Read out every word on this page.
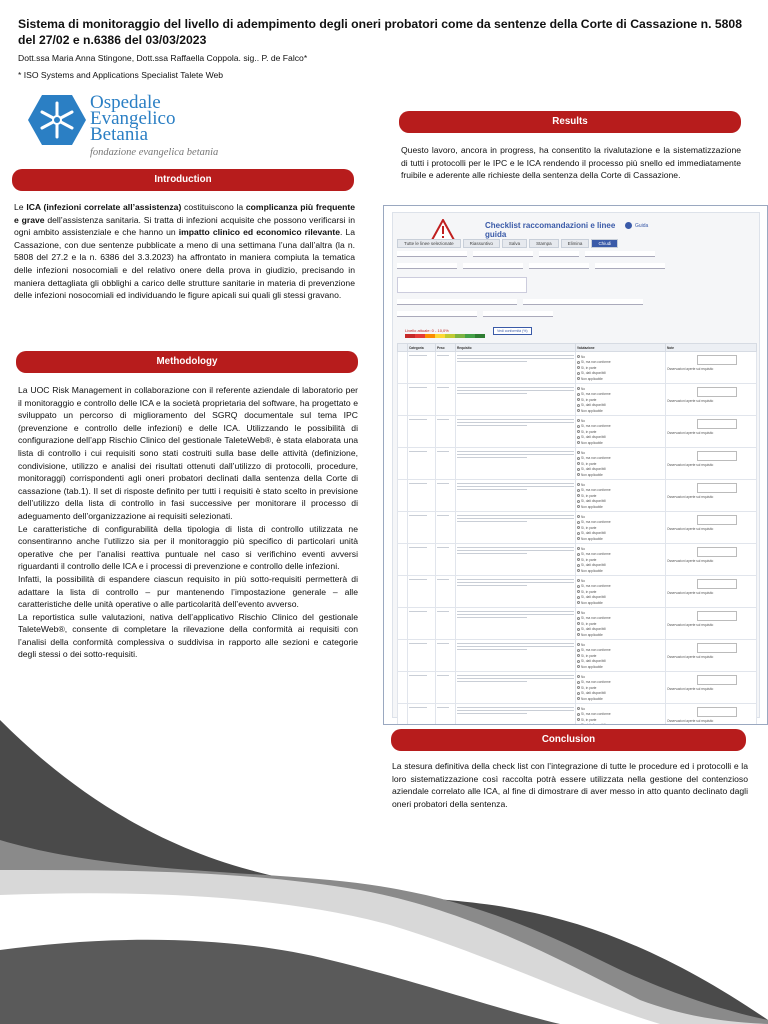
Sistema di monitoraggio del livello di adempimento degli oneri probatori come da sentenze della Corte di Cassazione n. 5808 del 27/02 e n.6386 del 03/03/2023
Dott.ssa Maria Anna Stingone, Dott.ssa Raffaella Coppola. sig.. P. de Falco*
* ISO Systems and Applications Specialist Talete Web
Ospedale
Evangelico
Betania
fondazione evangelica betania
Introduction

Le ICA (infezioni correlate all’assistenza) costituiscono la complicanza più frequente e grave dell’assistenza sanitaria. Si tratta di infezioni acquisite che possono verificarsi in ogni ambito assistenziale e che hanno un impatto clinico ed economico rilevante. La Cassazione, con due sentenze pubblicate a meno di una settimana l’una dall’altra (la n. 5808 del 27.2 e la n. 6386 del 3.3.2023) ha affrontato in maniera compiuta la tematica delle infezioni nosocomiali e del relativo onere della prova in giudizio, precisando in maniera dettagliata gli obblighi a carico delle strutture sanitarie in materia di prevenzione delle infezioni nosocomiali ed individuando le figure apicali sui quali gli stessi gravano.

Methodology

La UOC Risk Management in collaborazione con il referente aziendale di laboratorio per il monitoraggio e controllo delle ICA e la società proprietaria del software, ha progettato e sviluppato un percorso di miglioramento del SGRQ documentale sul tema IPC (prevenzione e controllo delle infezioni) e delle ICA. Utilizzando le possibilità di configurazione dell’app Rischio Clinico del gestionale TaleteWeb®, è stata elaborata una lista di controllo i cui requisiti sono stati costruiti sulla base delle attività (definizione, condivisione, utilizzo e analisi dei risultati ottenuti dall’utilizzo di protocolli, procedure, monitoraggi) corrispondenti agli oneri probatori declinati dalla sentenza della Corte di cassazione (tab.1). Il set di risposte definito per tutti i requisiti è stato scelto in previsione dell’utilizzo della lista di controllo in fasi successive per monitorare il processo di adeguamento dell’organizzazione ai requisiti selezionati.

Le caratteristiche di configurabilità della tipologia di lista di controllo utilizzata ne consentiranno anche l’utilizzo sia per il monitoraggio più specifico di particolari unità operative che per l’analisi reattiva puntuale nel caso si verifichino eventi avversi riguardanti il controllo delle ICA e i processi di prevenzione e controllo delle infezioni.

Infatti, la possibilità di espandere ciascun requisito in più sotto-requisiti permetterà di adattare la lista di controllo – pur mantenendo l’impostazione generale – alle caratteristiche delle unità operative o alle particolarità dell’evento avverso.

La reportistica sulle valutazioni, nativa dell’applicativo Rischio Clinico del gestionale TaleteWeb®, consente di completare la rilevazione della conformità ai requisiti con l’analisi della conformità complessiva o suddivisa in rapporto alle sezioni e categorie degli stessi o dei sotto-requisiti.

Results
Questo lavoro, ancora in progress, ha consentito la rivalutazione e la sistematizzazione di tutti i protocolli per le IPC e le ICA rendendo il processo più snello ed immediatamente fruibile e aderente alle richieste della sentenza della Corte di Cassazione.
Checklist raccomandazioni e linee
guida
Guida
Tutte le linee selezionate	Riassuntivo	Salva	Stampa	Elimina	Chiudi
Livello attuale: 0 - 10,0%	Vedi conformità (%)
	Categoria	Peso	Requisito	Valutazione	Note

				No
Sì, ma non conforme
Sì, in parte
Sì, dati disponibili
Non applicabile	Osservazioni aperte sul requisito

				No
Sì, ma non conforme
Sì, in parte
Sì, dati disponibili
Non applicabile	Osservazioni aperte sul requisito

				No
Sì, ma non conforme
Sì, in parte
Sì, dati disponibili
Non applicabile	Osservazioni aperte sul requisito

				No
Sì, ma non conforme
Sì, in parte
Sì, dati disponibili
Non applicabile	Osservazioni aperte sul requisito

				No
Sì, ma non conforme
Sì, in parte
Sì, dati disponibili
Non applicabile	Osservazioni aperte sul requisito

				No
Sì, ma non conforme
Sì, in parte
Sì, dati disponibili
Non applicabile	Osservazioni aperte sul requisito

				No
Sì, ma non conforme
Sì, in parte
Sì, dati disponibili
Non applicabile	Osservazioni aperte sul requisito

				No
Sì, ma non conforme
Sì, in parte
Sì, dati disponibili
Non applicabile	Osservazioni aperte sul requisito

				No
Sì, ma non conforme
Sì, in parte
Sì, dati disponibili
Non applicabile	Osservazioni aperte sul requisito

				No
Sì, ma non conforme
Sì, in parte
Sì, dati disponibili
Non applicabile	Osservazioni aperte sul requisito

				No
Sì, ma non conforme
Sì, in parte
Sì, dati disponibili
Non applicabile	Osservazioni aperte sul requisito

				No
Sì, ma non conforme
Sì, in parte
Sì, dati disponibili	Osservazioni aperte sul requisito

Conclusion
La stesura definitiva della check list con l’integrazione di tutte le procedure ed i protocolli e la loro sistematizzazione così raccolta potrà essere utilizzata nella gestione del contenzioso aziendale correlato alle ICA, al fine di dimostrare di aver messo in atto quanto declinato dagli oneri probatori della sentenza.
